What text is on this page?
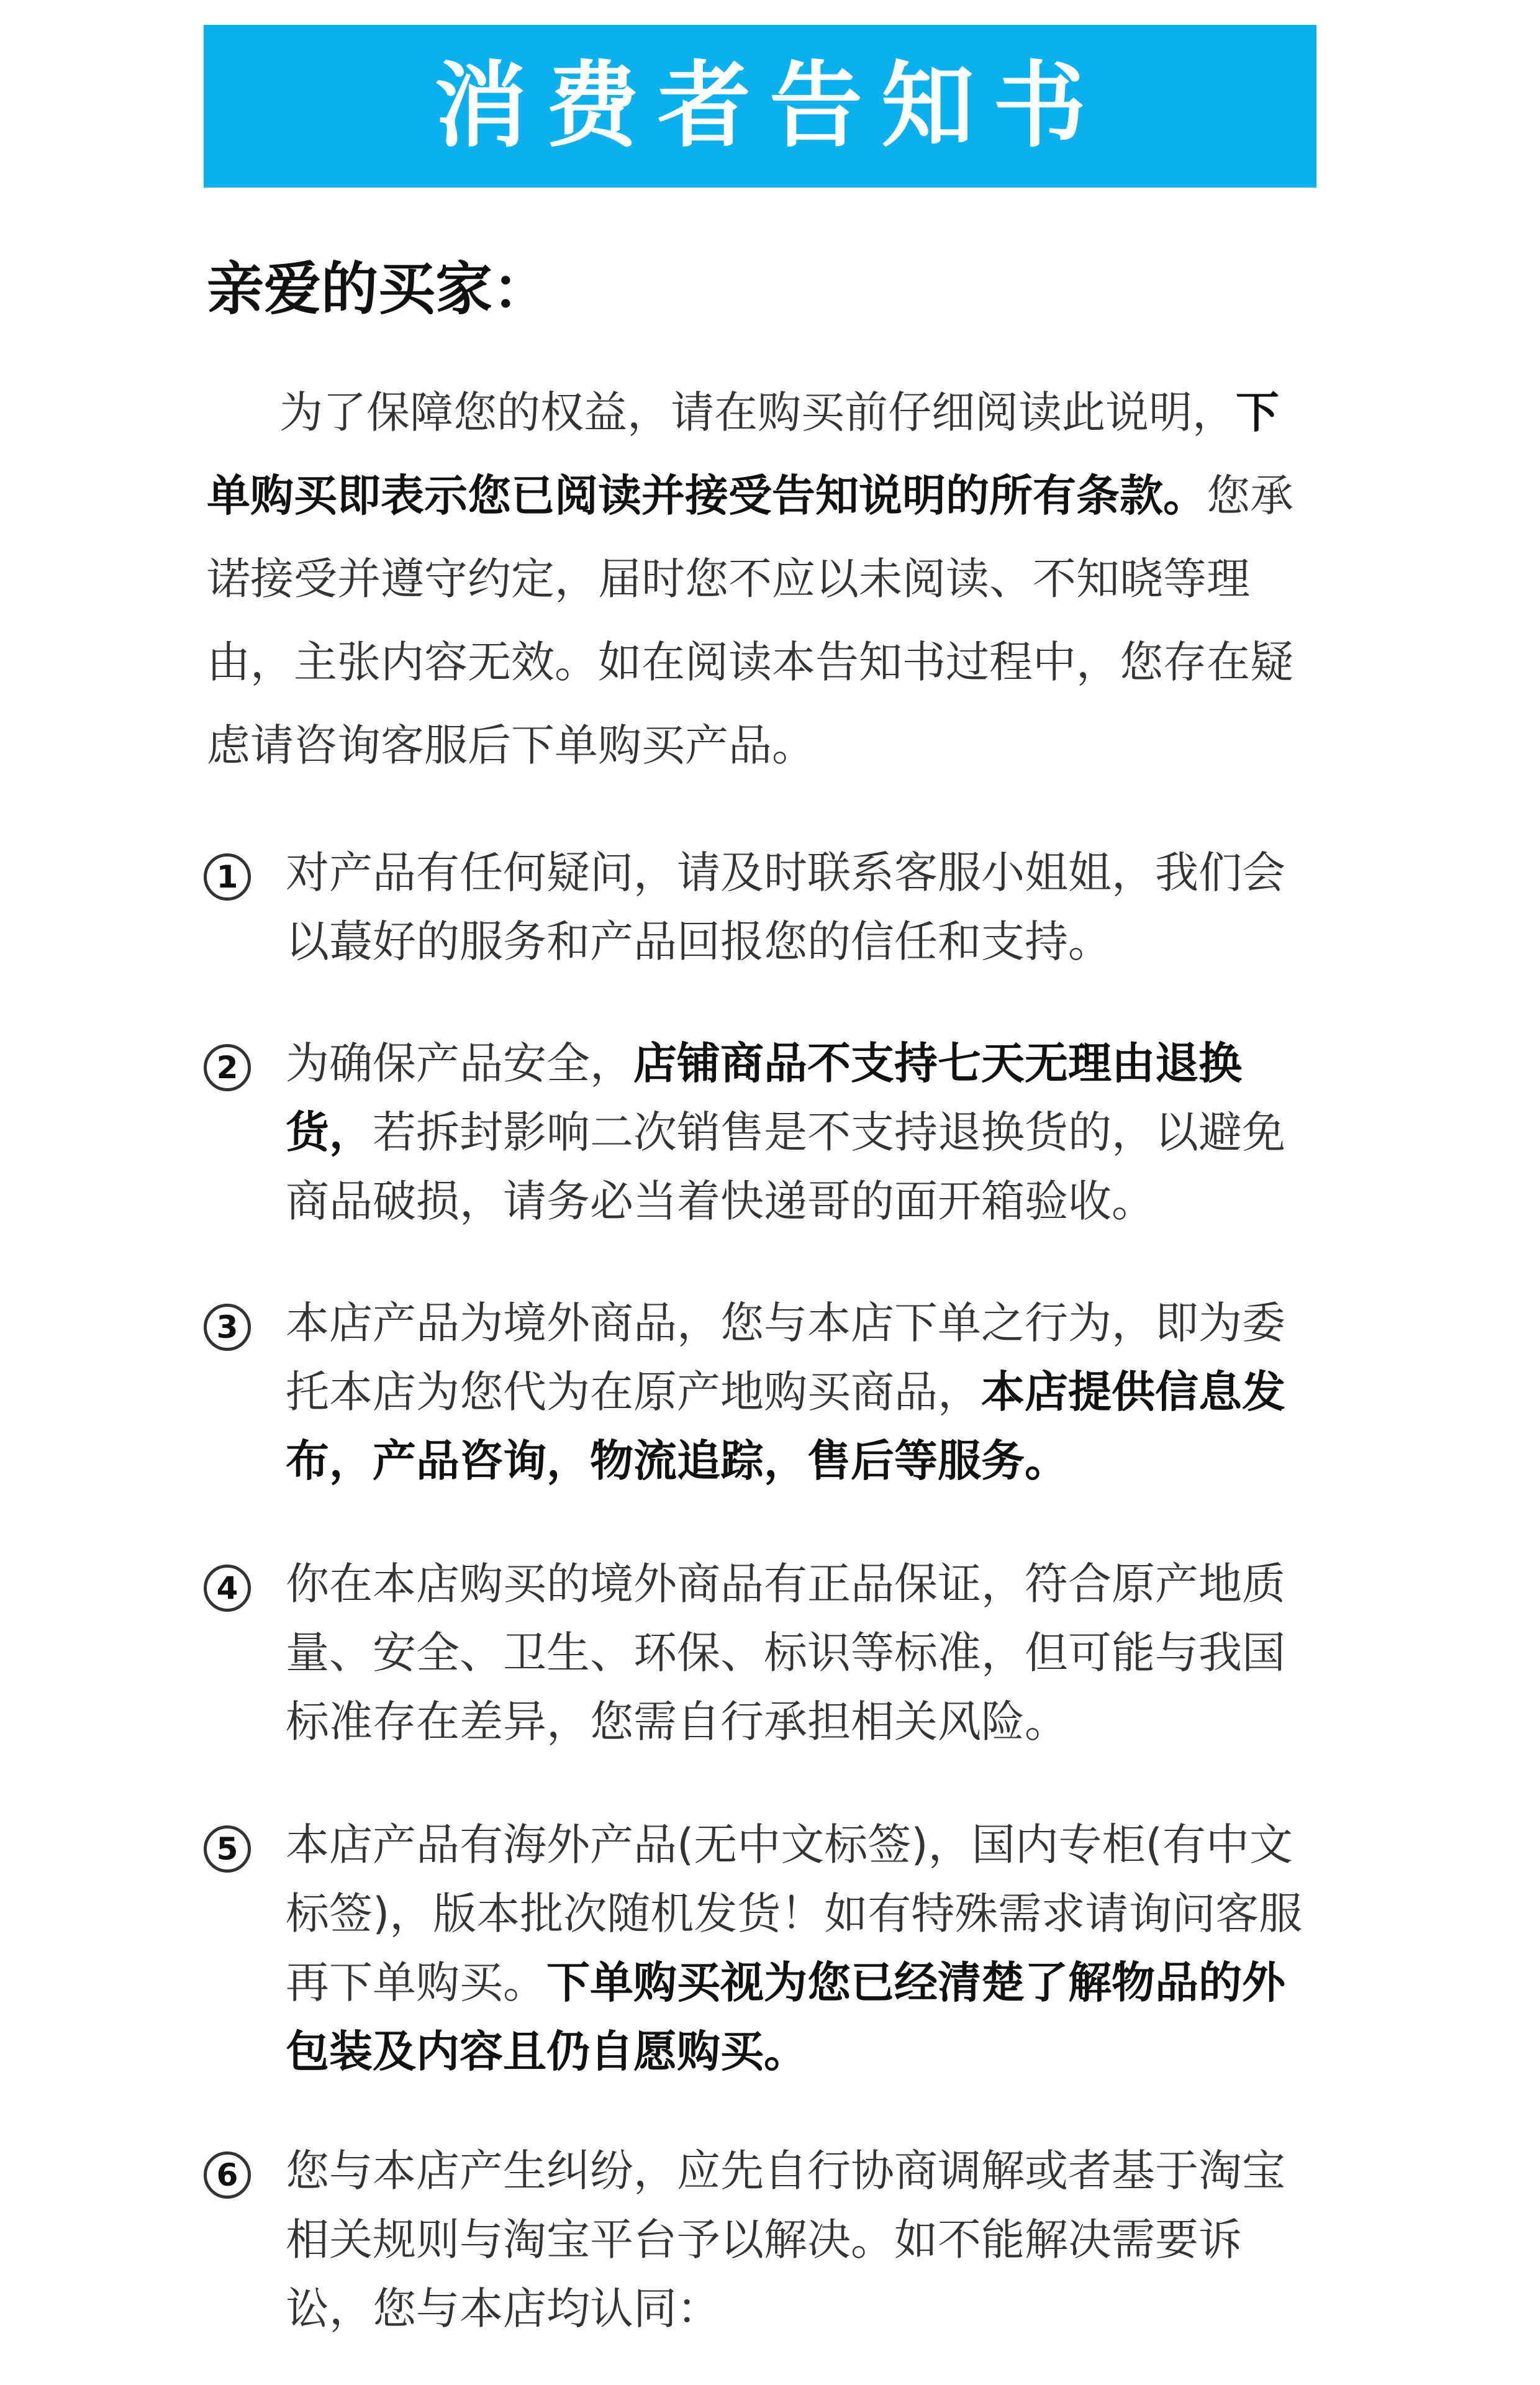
消费者告知书
亲爱的买家：
为了保障您的权益，请在购买前仔细阅读此说明，下单购买即表示您已阅读并接受告知说明的所有条款。您承诺接受并遵守约定，届时您不应以未阅读、不知晓等理由，主张内容无效。如在阅读本告知书过程中，您存在疑虑请咨询客服后下单购买产品。
1 对产品有任何疑问，请及时联系客服小姐姐，我们会以蕞好的服务和产品回报您的信任和支持。
2 为确保产品安全，店铺商品不支持七天无理由退换货，若拆封影响二次销售是不支持退换货的，以避免商品破损，请务必当着快递哥的面开箱验收。
3 本店产品为境外商品，您与本店下单之行为，即为委托本店为您代为在原产地购买商品，本店提供信息发布，产品咨询，物流追踪，售后等服务。
4 你在本店购买的境外商品有正品保证，符合原产地质量、安全、卫生、环保、标识等标准，但可能与我国标准存在差异，您需自行承担相关风险。
5 本店产品有海外产品(无中文标签)，国内专柜(有中文标签)，版本批次随机发货！如有特殊需求请询问客服再下单购买。下单购买视为您已经清楚了解物品的外包装及内容且仍自愿购买。
6 您与本店产生纠纷，应先自行协商调解或者基于淘宝相关规则与淘宝平台予以解决。如不能解决需要诉讼，您与本店均认同：
